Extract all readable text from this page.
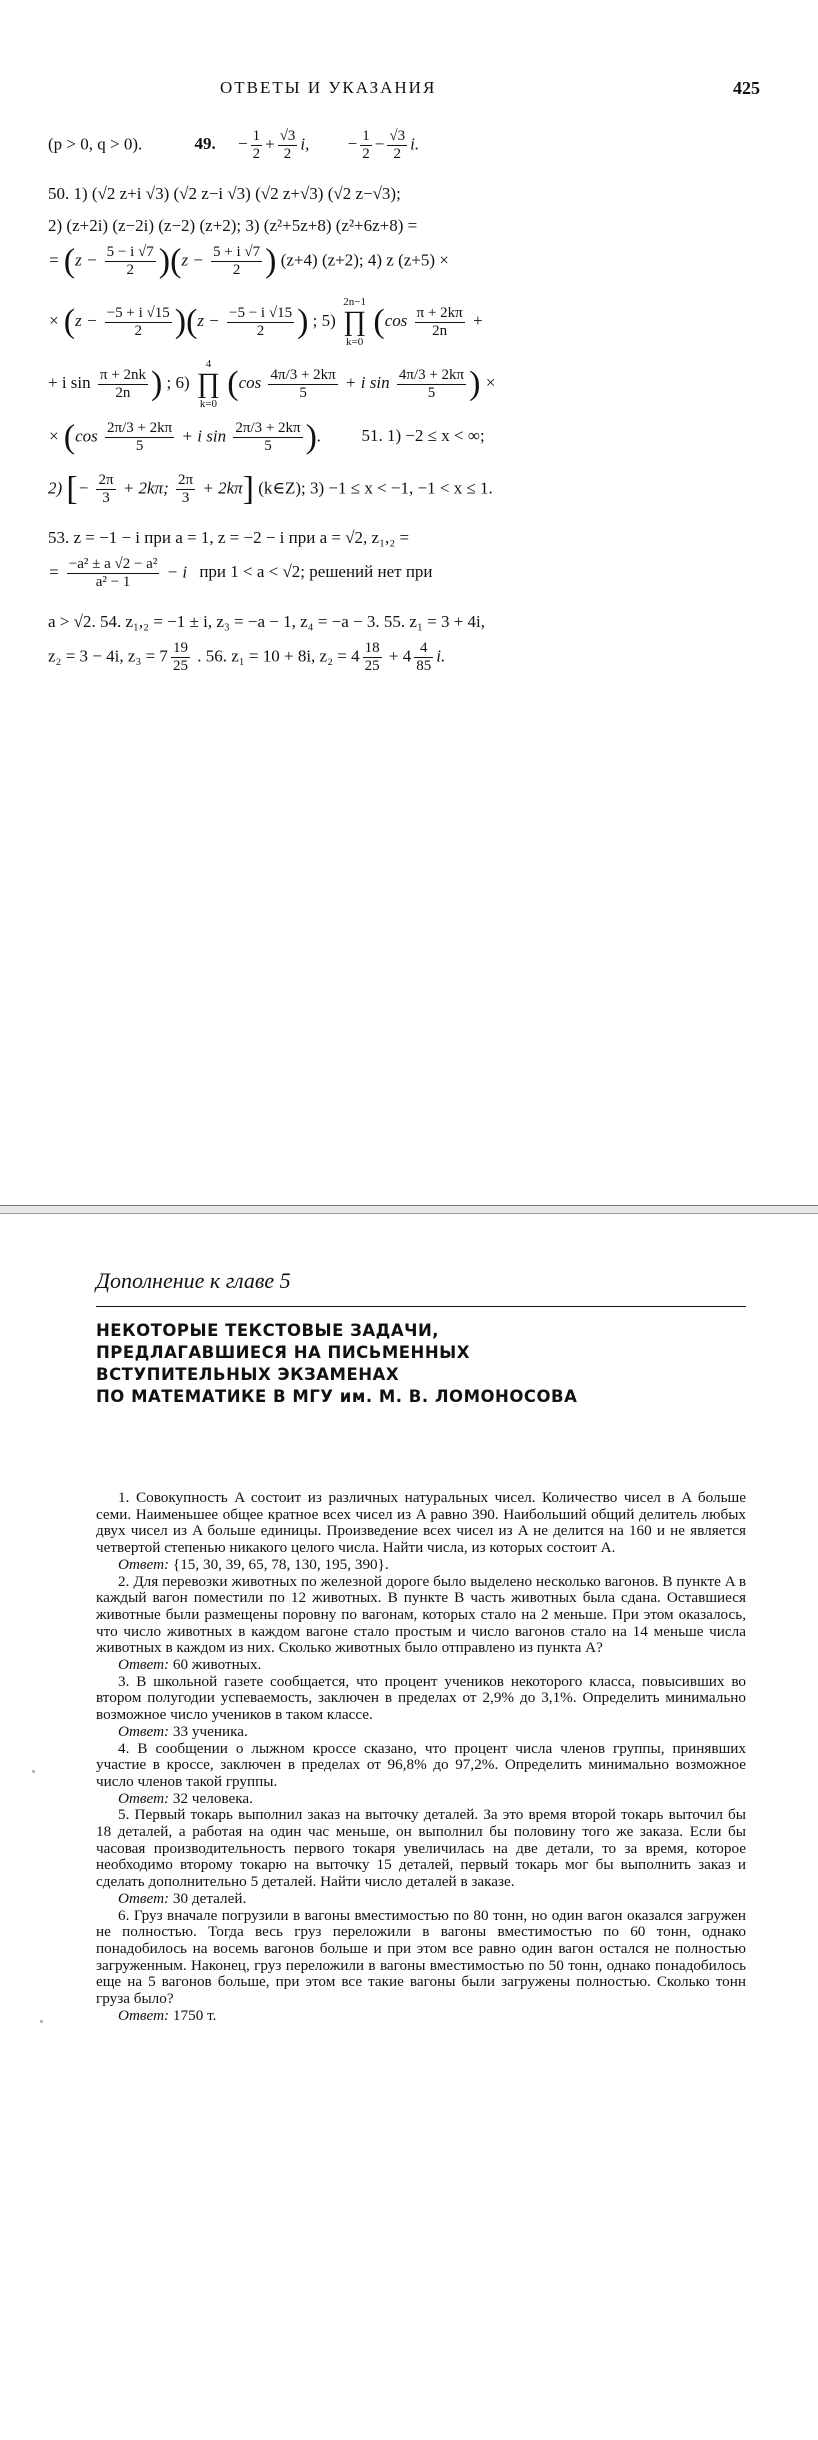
ОТВЕТЫ И УКАЗАНИЯ	425
(p > 0, q > 0).	49. − $\frac{1}{2} + \frac{√3}{2} i$, − $\frac{1}{2} - \frac{√3}{2} i$.
50. 1) (√2 z+i √3) (√2 z−i √3) (√2 z+√3) (√2 z−√3);
2) (z+2i) (z−2i) (z−2) (z+2); 3) (z²+5z+8) (z²+6z+8) =
= $(z - \frac{5 - i √7}{2} )(z - \frac{5 + i √7}{2}$ ) (z+4) (z+2); 4) z (z+5) ×
× $(z - \frac{-5 + i √15}{2} )(z - \frac{-5 - i √15}{2}$ ) ; 5) 2n−1
∏
k=0 ($\cos \frac{\pi + 2k\pi}{2n}$ +
+ i $\sin \frac{\pi + 2nk}{2n}$ ) ; 6) 4
∏
k=0 ($\cos \frac{4\pi/3 + 2k\pi}{5} + i$ $\sin \frac{4\pi/3 + 2k\pi}{5}$ ) ×
× ($\cos \frac{2\pi/3 + 2k\pi}{5} + i$ $\sin \frac{2\pi/3 + 2k\pi}{5}$ ). 51. 1) −2 ≤ x < ∞;
2) [− $\frac{2\pi}{3} + 2k\pi$; $\frac{2\pi}{3} + 2k\pi$] (k∈Z); 3) −1 ≤ x < −1, −1 < x ≤ 1.
53. z = −1 − i при a = 1, z = −2 − i при a = √2, z₁,₂ =
= $\frac{\text{−a² ± a √2 − a²}}{\text{a² − 1}} - i$ при 1 < a < √2; решений нет при
a > √2. 54. z₁,₂ = −1 ± i, z₃ = −a − 1, z₄ = −a − 3. 55. z₁ = 3 + 4i,
z₂ = 3 − 4i, $z_3 = 7 \frac{19}{25}$ . 56. z₁ = 10 + 8i, $z_2 = 4 \frac{18}{25} + 4 \frac{4}{85} i$.
Дополнение к главе 5
НЕКОТОРЫЕ ТЕКСТОВЫЕ ЗАДАЧИ,
ПРЕДЛАГАВШИЕСЯ НА ПИСЬМЕННЫХ
ВСТУПИТЕЛЬНЫХ ЭКЗАМЕНАХ
ПО МАТЕМАТИКЕ В МГУ им. М. В. ЛОМОНОСОВА

1. Совокупность A состоит из различных натуральных чисел. Количество чисел в A больше семи. Наименьшее общее кратное всех чисел из A равно 390. Наибольший общий делитель любых двух чисел из A больше единицы. Произведение всех чисел из A не делится на 160 и не является четвертой степенью никакого целого числа. Найти числа, из которых состоит A.

Ответ: {15, 30, 39, 65, 78, 130, 195, 390}.

2. Для перевозки животных по железной дороге было выделено несколько вагонов. В пункте A в каждый вагон поместили по 12 животных. В пункте B часть животных была сдана. Оставшиеся животные были размещены поровну по вагонам, которых стало на 2 меньше. При этом оказалось, что число животных в каждом вагоне стало простым и число вагонов стало на 14 меньше числа животных в каждом из них. Сколько животных было отправлено из пункта A?

Ответ: 60 животных.

3. В школьной газете сообщается, что процент учеников некоторого класса, повысивших во втором полугодии успеваемость, заключен в пределах от 2,9% до 3,1%. Определить минимально возможное число учеников в таком классе.

Ответ: 33 ученика.

4. В сообщении о лыжном кроссе сказано, что процент числа членов группы, принявших участие в кроссе, заключен в пределах от 96,8% до 97,2%. Определить минимально возможное число членов такой группы.

Ответ: 32 человека.

5. Первый токарь выполнил заказ на выточку деталей. За это время второй токарь выточил бы 18 деталей, а работая на один час меньше, он выполнил бы половину того же заказа. Если бы часовая производительность первого токаря увеличилась на две детали, то за время, которое необходимо второму токарю на выточку 15 деталей, первый токарь мог бы выполнить заказ и сделать дополнительно 5 деталей. Найти число деталей в заказе.

Ответ: 30 деталей.

6. Груз вначале погрузили в вагоны вместимостью по 80 тонн, но один вагон оказался загружен не полностью. Тогда весь груз переложили в вагоны вместимостью по 60 тонн, однако понадобилось на восемь вагонов больше и при этом все равно один вагон остался не полностью загруженным. Наконец, груз переложили в вагоны вместимостью по 50 тонн, однако понадобилось еще на 5 вагонов больше, при этом все такие вагоны были загружены полностью. Сколько тонн груза было?

Ответ: 1750 т.
